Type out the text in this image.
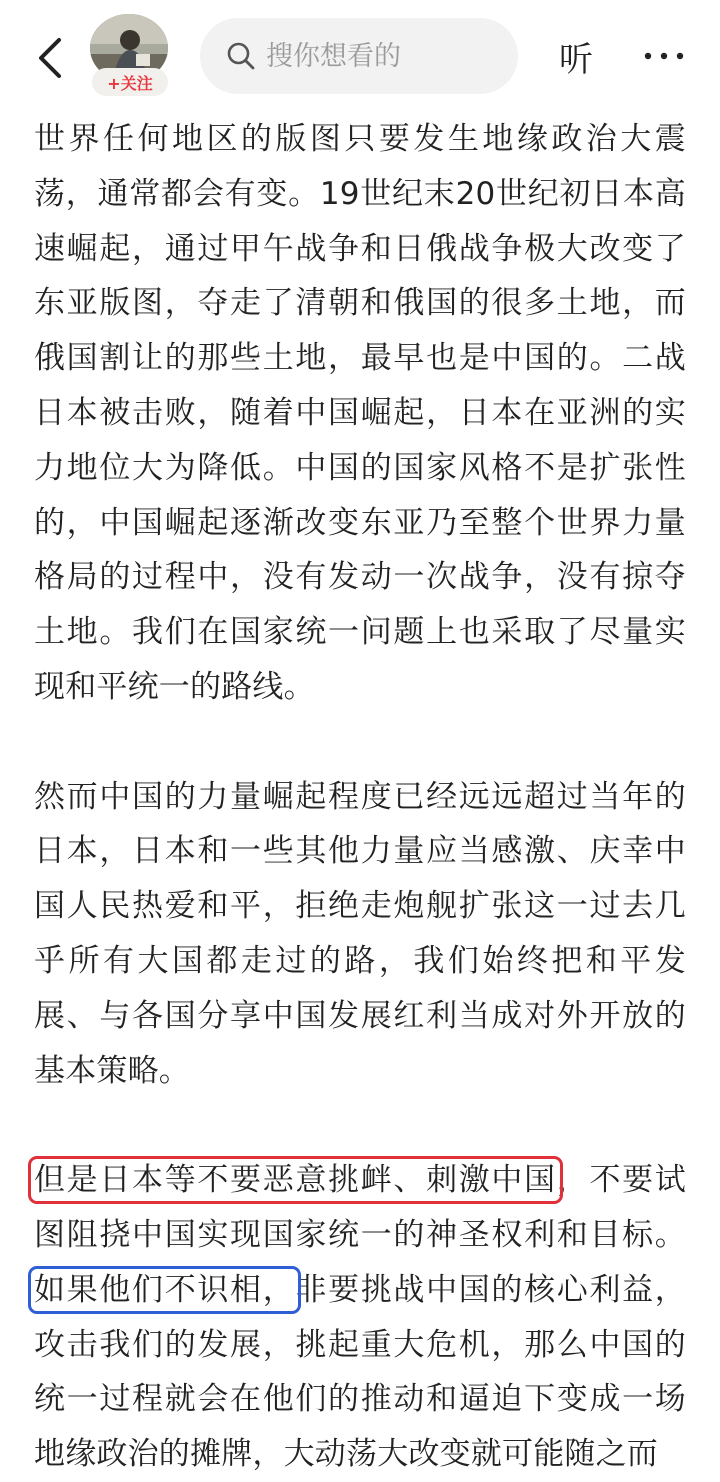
+关注
搜你想看的
听

世界任何地区的版图只要发生地缘政治大震荡，通常都会有变。19世纪末20世纪初日本高速崛起，通过甲午战争和日俄战争极大改变了东亚版图，夺走了清朝和俄国的很多土地，而俄国割让的那些土地，最早也是中国的。二战日本被击败，随着中国崛起，日本在亚洲的实力地位大为降低。中国的国家风格不是扩张性的，中国崛起逐渐改变东亚乃至整个世界力量格局的过程中，没有发动一次战争，没有掠夺土地。我们在国家统一问题上也采取了尽量实现和平统一的路线。

然而中国的力量崛起程度已经远远超过当年的日本，日本和一些其他力量应当感激、庆幸中国人民热爱和平，拒绝走炮舰扩张这一过去几乎所有大国都走过的路，我们始终把和平发展、与各国分享中国发展红利当成对外开放的基本策略。

但是日本等不要恶意挑衅、刺激中国，不要试图阻挠中国实现国家统一的神圣权利和目标。如果他们不识相，非要挑战中国的核心利益，攻击我们的发展，挑起重大危机，那么中国的统一过程就会在他们的推动和逼迫下变成一场地缘政治的摊牌，大动荡大改变就可能随之而
